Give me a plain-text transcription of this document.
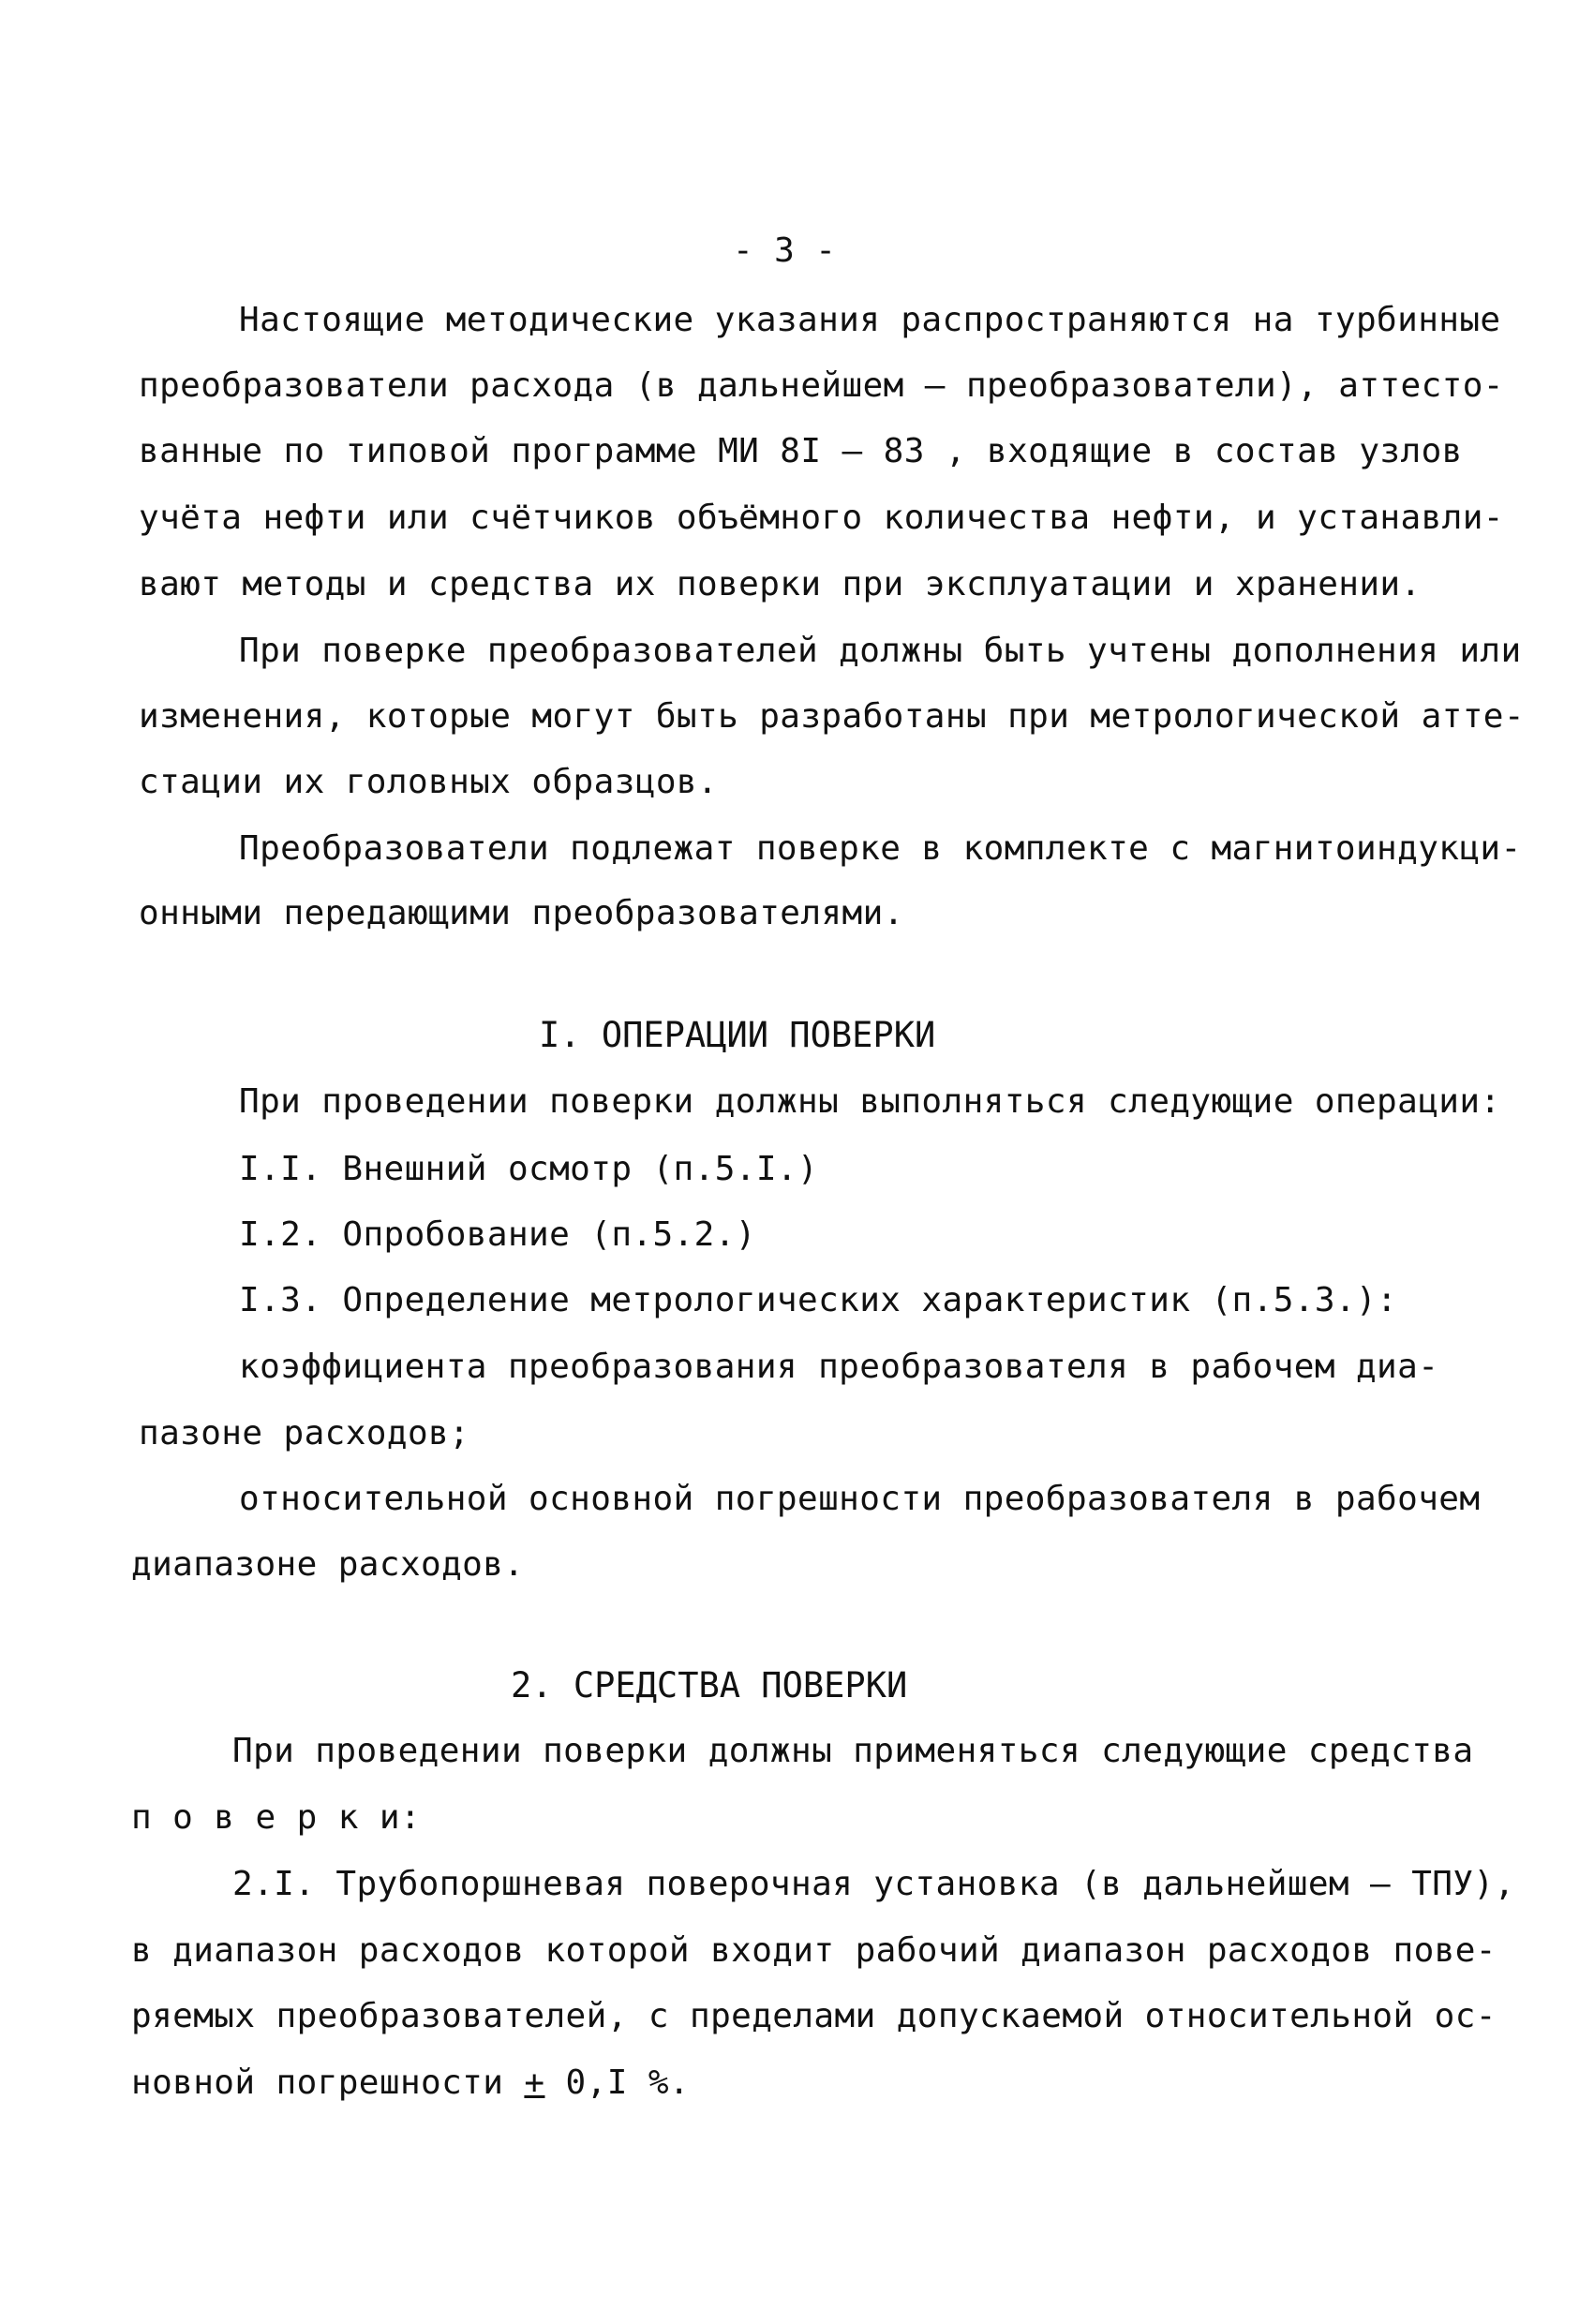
- 3 -
Настоящие методические указания распространяются на турбинные
преобразователи расхода (в дальнейшем – преобразователи), аттесто-
ванные по типовой программе МИ 8I – 83 , входящие в состав узлов
учёта нефти или счётчиков объёмного количества нефти, и устанавли-
вают методы и средства их поверки при эксплуатации и хранении.
При поверке преобразователей должны быть учтены дополнения или
изменения, которые могут быть разработаны при метрологической атте-
стации их головных образцов.
Преобразователи подлежат поверке в комплекте с магнитоиндукци-
онными передающими преобразователями.
I. ОПЕРАЦИИ ПОВЕРКИ
При проведении поверки должны выполняться следующие операции:
I.I. Внешний осмотр (п.5.I.)
I.2. Опробование (п.5.2.)
I.3. Определение метрологических характеристик (п.5.3.):
коэффициента преобразования преобразователя в рабочем диа-
пазоне расходов;
относительной основной погрешности преобразователя в рабочем
диапазоне расходов.
2. СРЕДСТВА ПОВЕРКИ
При проведении поверки должны применяться следующие средства
п о в е р к и:
2.I. Трубопоршневая поверочная установка (в дальнейшем – ТПУ),
в диапазон расходов которой входит рабочий диапазон расходов пове-
ряемых преобразователей, с пределами допускаемой относительной ос-
новной погрешности + 0,I %.
